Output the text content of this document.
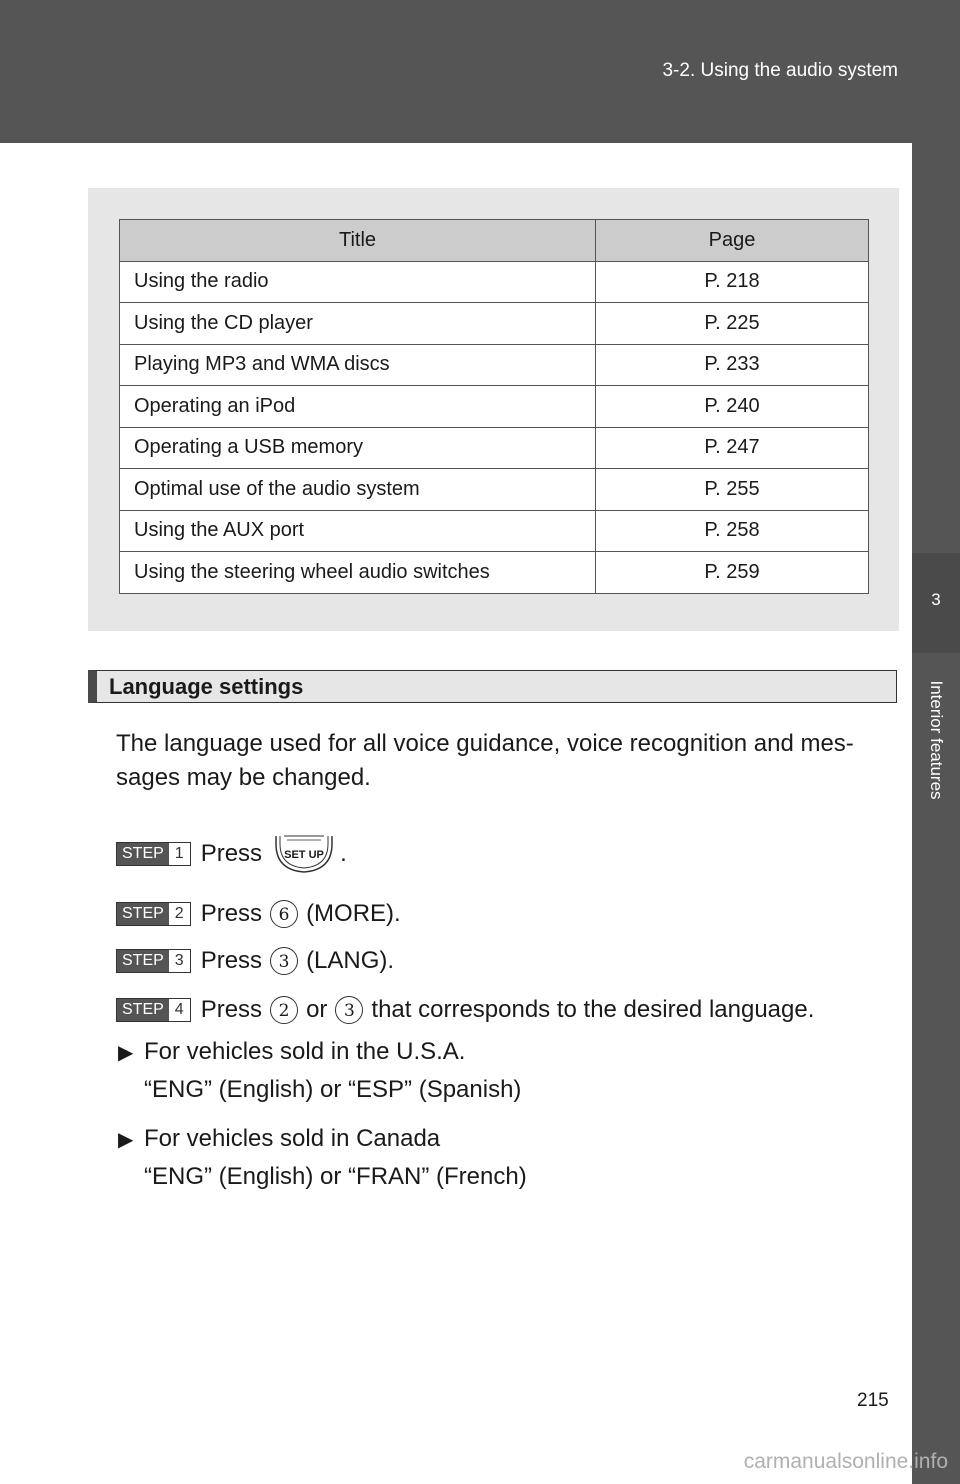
3-2. Using the audio system
3
Interior features
Title	Page
Using the radio	P. 218
Using the CD player	P. 225
Playing MP3 and WMA discs	P. 233
Operating an iPod	P. 240
Operating a USB memory	P. 247
Optimal use of the audio system	P. 255
Using the AUX port	P. 258
Using the steering wheel audio switches	P. 259
Language settings
The language used for all voice guidance, voice recognition and mes-
sages may be changed.
STEP 1 Press SET UP .
STEP 2 Press 6 (MORE).
STEP 3 Press 3 (LANG).
STEP 4 Press 2 or 3 that corresponds to the desired language.
▶ For vehicles sold in the U.S.A.
“ENG” (English) or “ESP” (Spanish)
▶ For vehicles sold in Canada
“ENG” (English) or “FRAN” (French)
215
carmanualsonline.info
